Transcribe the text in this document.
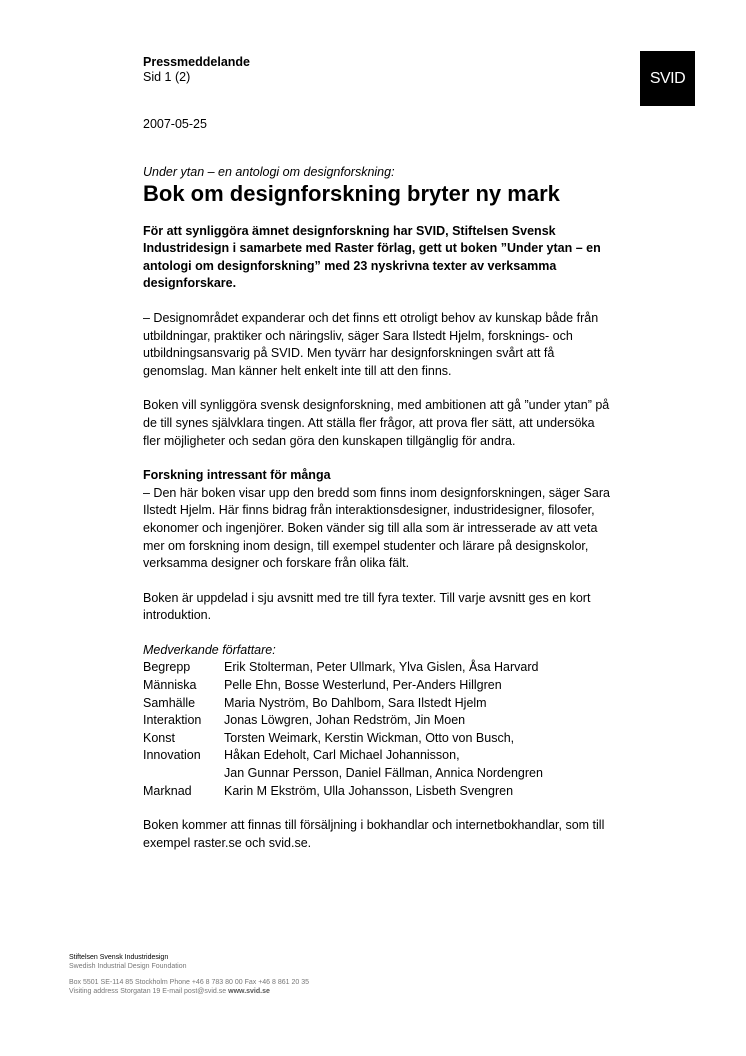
Pressmeddelande
Sid 1 (2)	SVID
2007-05-25
Under ytan – en antologi om designforskning:
Bok om designforskning bryter ny mark
För att synliggöra ämnet designforskning har SVID, Stiftelsen Svensk Industridesign i samarbete med Raster förlag, gett ut boken ”Under ytan – en antologi om designforskning” med 23 nyskrivna texter av verksamma designforskare.

– Designområdet expanderar och det finns ett otroligt behov av kunskap både från utbildningar, praktiker och näringsliv, säger Sara Ilstedt Hjelm, forsknings- och utbildningsansvarig på SVID. Men tyvärr har designforskningen svårt att få genomslag. Man känner helt enkelt inte till att den finns.

Boken vill synliggöra svensk designforskning, med ambitionen att gå ”under ytan” på de till synes självklara tingen. Att ställa fler frågor, att prova fler sätt, att undersöka fler möjligheter och sedan göra den kunskapen tillgänglig för andra.

Forskning intressant för många

– Den här boken visar upp den bredd som finns inom designforskningen, säger Sara Ilstedt Hjelm. Här finns bidrag från interaktionsdesigner, industridesigner, filosofer, ekonomer och ingenjörer. Boken vänder sig till alla som är intresserade av att veta mer om forskning inom design, till exempel studenter och lärare på designskolor, verksamma designer och forskare från olika fält.

Boken är uppdelad i sju avsnitt med tre till fyra texter. Till varje avsnitt ges en kort introduktion.

Medverkande författare:
Begrepp	Erik Stolterman, Peter Ullmark, Ylva Gislen, Åsa Harvard
Människa	Pelle Ehn, Bosse Westerlund, Per-Anders Hillgren
Samhälle	Maria Nyström, Bo Dahlbom, Sara Ilstedt Hjelm
Interaktion	Jonas Löwgren, Johan Redström, Jin Moen
Konst	Torsten Weimark, Kerstin Wickman, Otto von Busch,
Innovation	Håkan Edeholt, Carl Michael Johannisson,
	Jan Gunnar Persson, Daniel Fällman, Annica Nordengren
Marknad	Karin M Ekström, Ulla Johansson, Lisbeth Svengren

Boken kommer att finnas till försäljning i bokhandlar och internetbokhandlar, som till exempel raster.se och svid.se.

Stiftelsen Svensk Industridesign
Swedish Industrial Design Foundation
Box 5501 SE-114 85 Stockholm Phone +46 8 783 80 00 Fax +46 8 861 20 35
Visiting address Storgatan 19 E-mail post@svid.se www.svid.se
